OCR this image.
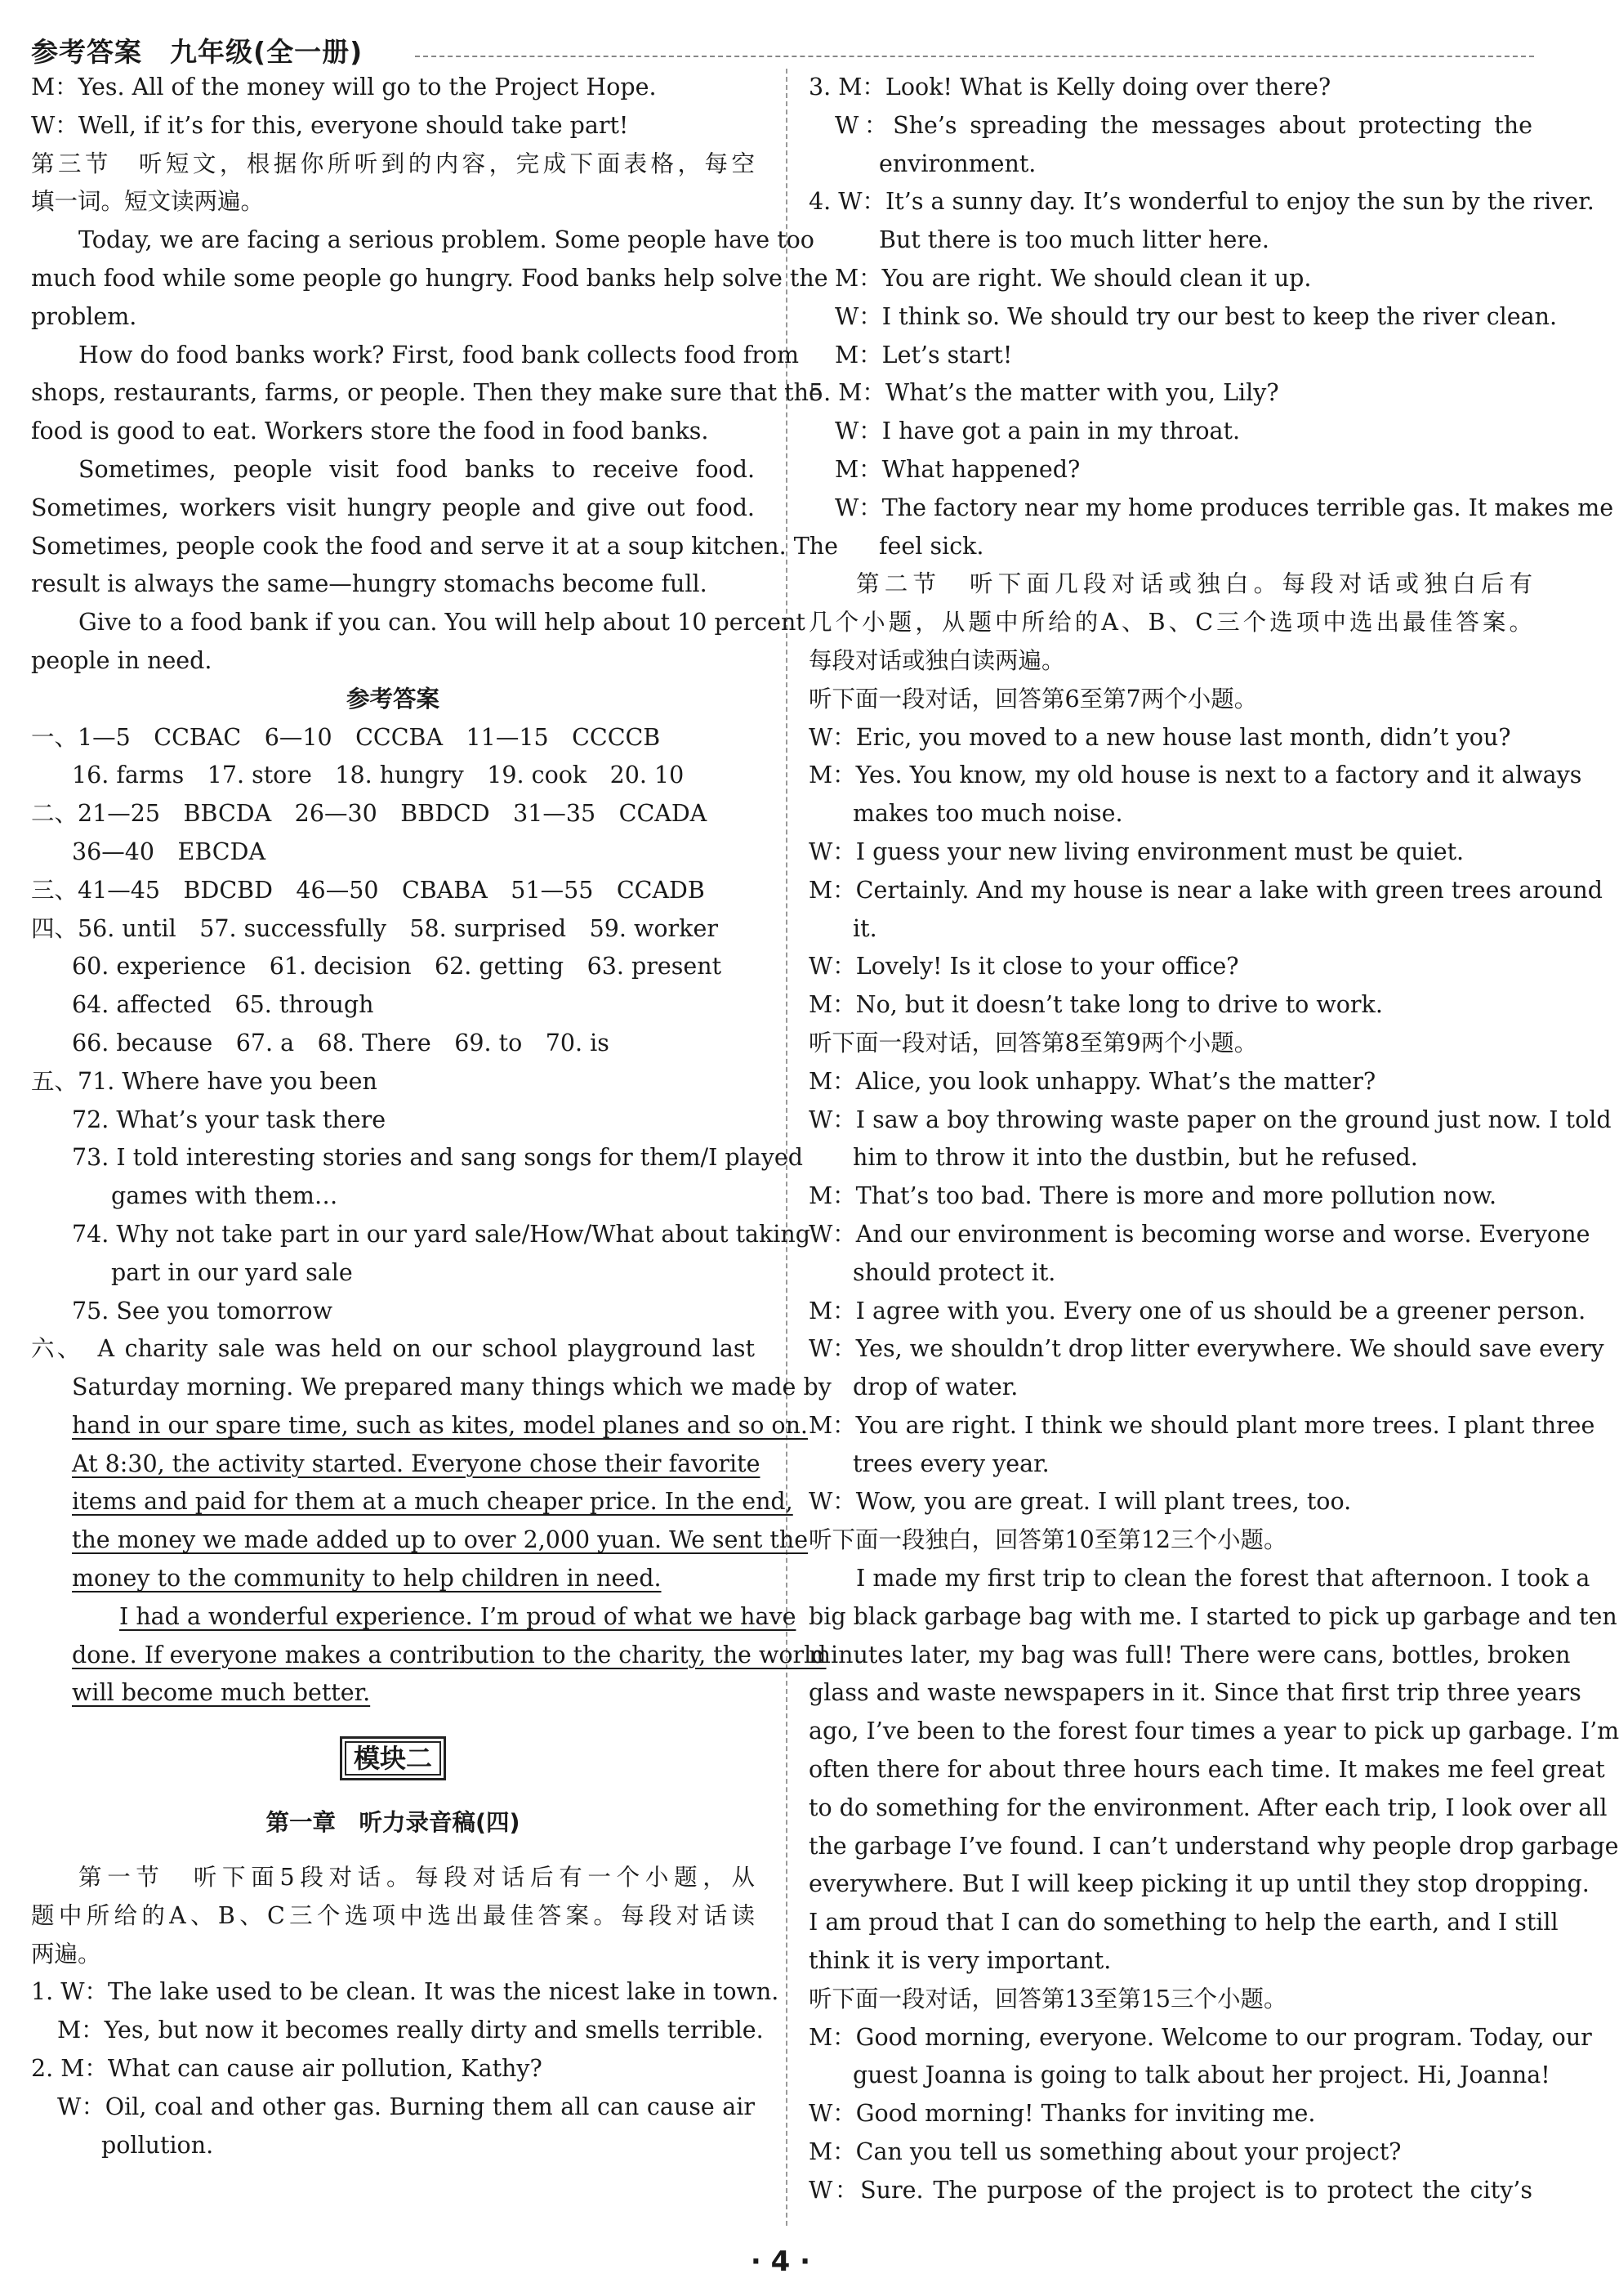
参考答案　九年级(全一册)
M：Yes. All of the money will go to the Project Hope.
W：Well, if it’s for this, everyone should take part!
第三节　听短文，根据你所听到的内容，完成下面表格，每空
填一词。短文读两遍。
Today, we are facing a serious problem. Some people have too
much food while some people go hungry. Food banks help solve the
problem.
How do food banks work? First, food bank collects food from
shops, restaurants, farms, or people. Then they make sure that the
food is good to eat. Workers store the food in food banks.
Sometimes, people visit food banks to receive food.
Sometimes, workers visit hungry people and give out food.
Sometimes, people cook the food and serve it at a soup kitchen. The
result is always the same—hungry stomachs become full.
Give to a food bank if you can. You will help about 10 percent
people in need.
参考答案
一、1—5　CCBAC　6—10　CCCBA　11—15　CCCCB
16. farms　17. store　18. hungry　19. cook　20. 10
二、21—25　BBCDA　26—30　BBDCD　31—35　CCADA
36—40　EBCDA
三、41—45　BDCBD　46—50　CBABA　51—55　CCADB
四、56. until　57. successfully　58. surprised　59. worker
60. experience　61. decision　62. getting　63. present
64. affected　65. through
66. because　67. a　68. There　69. to　70. is
五、71. Where have you been
72. What’s your task there
73. I told interesting stories and sang songs for them/I played
games with them…
74. Why not take part in our yard sale/How/What about taking
part in our yard sale
75. See you tomorrow
六、　A charity sale was held on our school playground last
Saturday morning. We prepared many things which we made by
hand in our spare time, such as kites, model planes and so on.
At 8:30, the activity started. Everyone chose their favorite
items and paid for them at a much cheaper price. In the end,
the money we made added up to over 2,000 yuan. We sent the
money to the community to help children in need.
I had a wonderful experience. I’m proud of what we have
done. If everyone makes a contribution to the charity, the world
will become much better.
模块二
第一章　听力录音稿(四)
第一节　听下面5段对话。每段对话后有一个小题，从
题中所给的A、B、C三个选项中选出最佳答案。每段对话读
两遍。
1. W：The lake used to be clean. It was the nicest lake in town.
M：Yes, but now it becomes really dirty and smells terrible.
2. M：What can cause air pollution, Kathy?
W：Oil, coal and other gas. Burning them all can cause air
pollution.
3. M：Look! What is Kelly doing over there?
W：She’s spreading the messages about protecting the
environment.
4. W：It’s a sunny day. It’s wonderful to enjoy the sun by the river.
But there is too much litter here.
M：You are right. We should clean it up.
W：I think so. We should try our best to keep the river clean.
M：Let’s start!
5. M：What’s the matter with you, Lily?
W：I have got a pain in my throat.
M：What happened?
W：The factory near my home produces terrible gas. It makes me
feel sick.
第二节　听下面几段对话或独白。每段对话或独白后有
几个小题，从题中所给的A、B、C三个选项中选出最佳答案。
每段对话或独白读两遍。
听下面一段对话，回答第6至第7两个小题。
W：Eric, you moved to a new house last month, didn’t you?
M：Yes. You know, my old house is next to a factory and it always
makes too much noise.
W：I guess your new living environment must be quiet.
M：Certainly. And my house is near a lake with green trees around
it.
W：Lovely! Is it close to your office?
M：No, but it doesn’t take long to drive to work.
听下面一段对话，回答第8至第9两个小题。
M：Alice, you look unhappy. What’s the matter?
W：I saw a boy throwing waste paper on the ground just now. I told
him to throw it into the dustbin, but he refused.
M：That’s too bad. There is more and more pollution now.
W：And our environment is becoming worse and worse. Everyone
should protect it.
M：I agree with you. Every one of us should be a greener person.
W：Yes, we shouldn’t drop litter everywhere. We should save every
drop of water.
M：You are right. I think we should plant more trees. I plant three
trees every year.
W：Wow, you are great. I will plant trees, too.
听下面一段独白，回答第10至第12三个小题。
I made my first trip to clean the forest that afternoon. I took a
big black garbage bag with me. I started to pick up garbage and ten
minutes later, my bag was full! There were cans, bottles, broken
glass and waste newspapers in it. Since that first trip three years
ago, I’ve been to the forest four times a year to pick up garbage. I’m
often there for about three hours each time. It makes me feel great
to do something for the environment. After each trip, I look over all
the garbage I’ve found. I can’t understand why people drop garbage
everywhere. But I will keep picking it up until they stop dropping.
I am proud that I can do something to help the earth, and I still
think it is very important.
听下面一段对话，回答第13至第15三个小题。
M：Good morning, everyone. Welcome to our program. Today, our
guest Joanna is going to talk about her project. Hi, Joanna!
W：Good morning! Thanks for inviting me.
M：Can you tell us something about your project?
W：Sure. The purpose of the project is to protect the city’s
· 4 ·
